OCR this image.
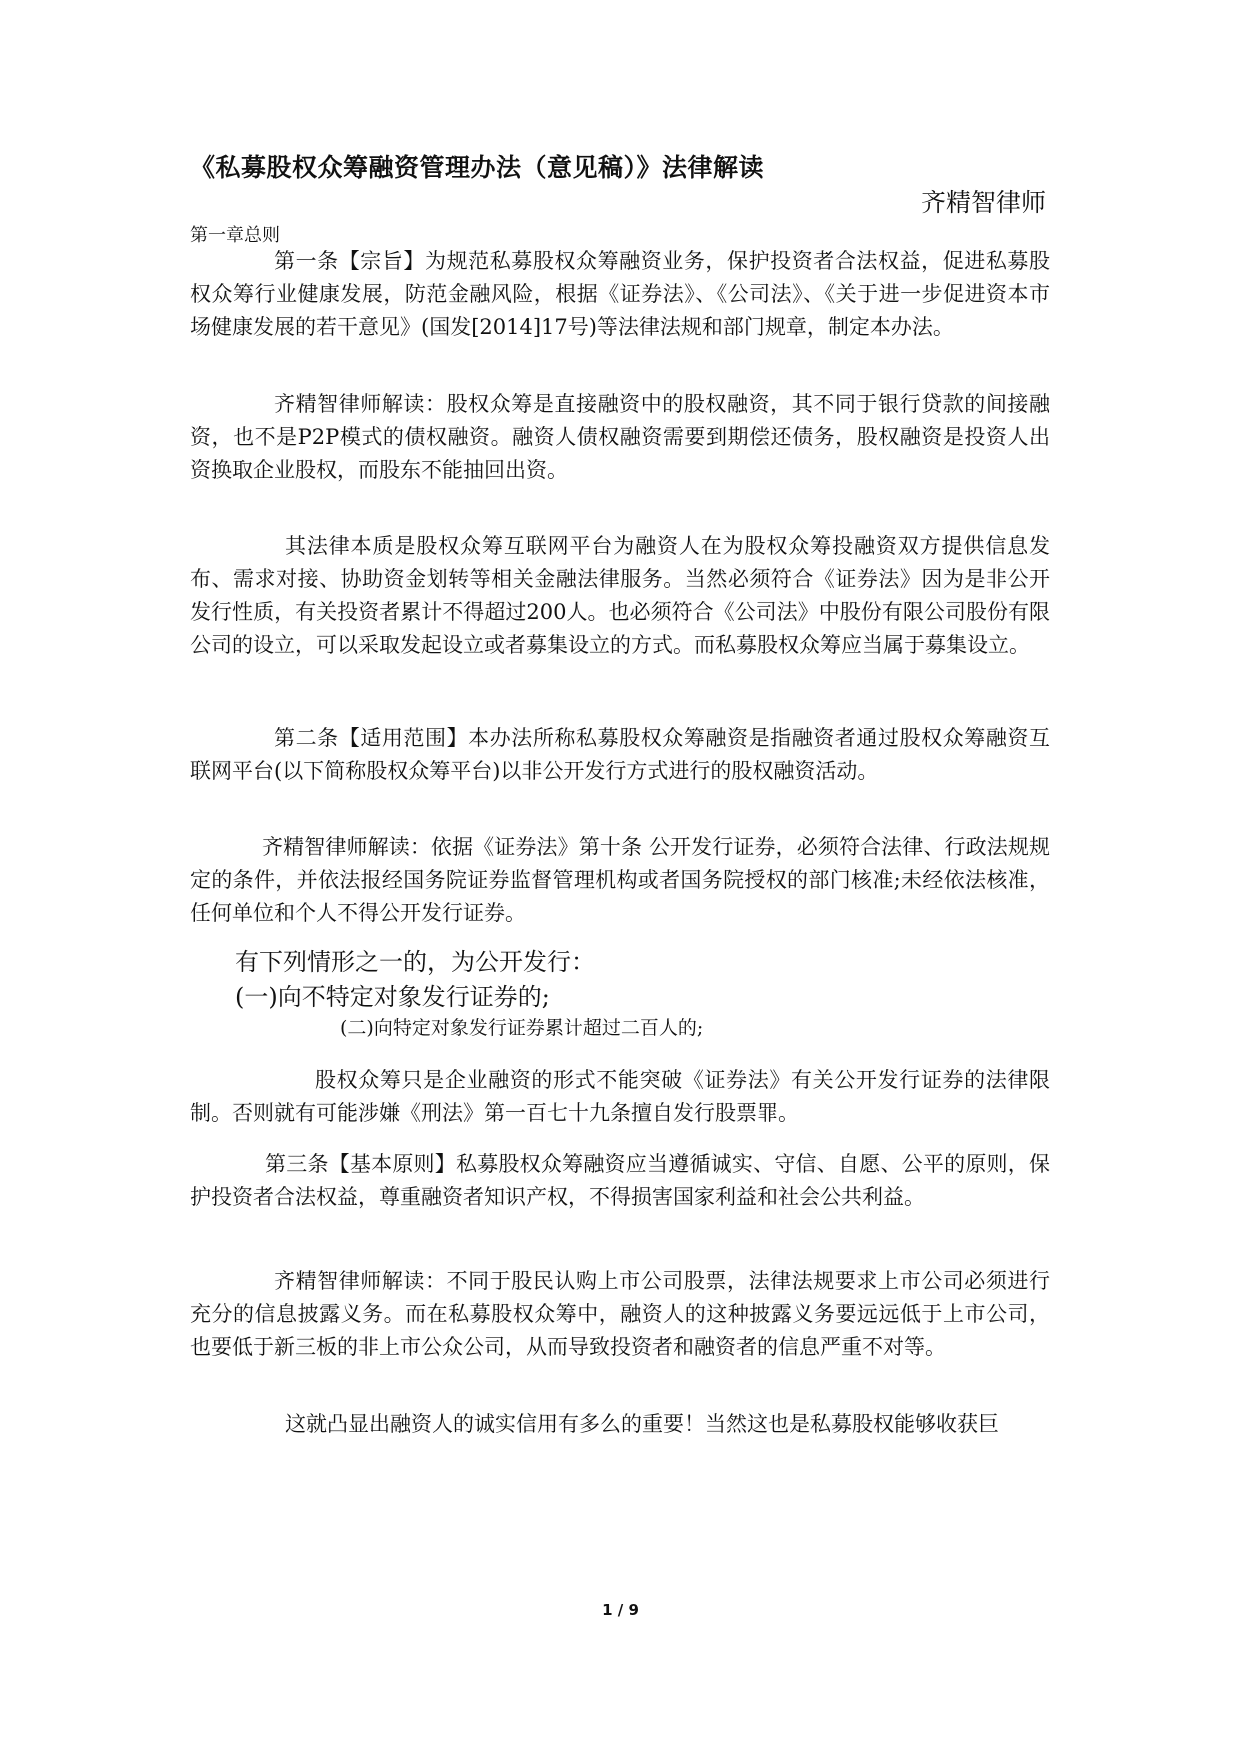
《私募股权众筹融资管理办法（意见稿）》法律解读
齐精智律师
第一章总则

第一条【宗旨】为规范私募股权众筹融资业务，保护投资者合法权益，促进私募股权众筹行业健康发展，防范金融风险，根据《证券法》、《公司法》、《关于进一步促进资本市场健康发展的若干意见》(国发[2014]17号)等法律法规和部门规章，制定本办法。

齐精智律师解读：股权众筹是直接融资中的股权融资，其不同于银行贷款的间接融资，也不是P2P模式的债权融资。融资人债权融资需要到期偿还债务，股权融资是投资人出资换取企业股权，而股东不能抽回出资。

其法律本质是股权众筹互联网平台为融资人在为股权众筹投融资双方提供信息发布、需求对接、协助资金划转等相关金融法律服务。当然必须符合《证券法》因为是非公开发行性质，有关投资者累计不得超过200人。也必须符合《公司法》中股份有限公司股份有限公司的设立，可以采取发起设立或者募集设立的方式。而私募股权众筹应当属于募集设立。

第二条【适用范围】本办法所称私募股权众筹融资是指融资者通过股权众筹融资互联网平台(以下简称股权众筹平台)以非公开发行方式进行的股权融资活动。

齐精智律师解读：依据《证券法》第十条 公开发行证券，必须符合法律、行政法规规定的条件，并依法报经国务院证券监督管理机构或者国务院授权的部门核准;未经依法核准，任何单位和个人不得公开发行证券。

有下列情形之一的，为公开发行：
(一)向不特定对象发行证券的;
(二)向特定对象发行证券累计超过二百人的;

股权众筹只是企业融资的形式不能突破《证券法》有关公开发行证券的法律限制。否则就有可能涉嫌《刑法》第一百七十九条擅自发行股票罪。

第三条【基本原则】私募股权众筹融资应当遵循诚实、守信、自愿、公平的原则，保护投资者合法权益，尊重融资者知识产权，不得损害国家利益和社会公共利益。

齐精智律师解读：不同于股民认购上市公司股票，法律法规要求上市公司必须进行充分的信息披露义务。而在私募股权众筹中，融资人的这种披露义务要远远低于上市公司，也要低于新三板的非上市公众公司，从而导致投资者和融资者的信息严重不对等。

这就凸显出融资人的诚实信用有多么的重要！当然这也是私募股权能够收获巨

1 / 9
